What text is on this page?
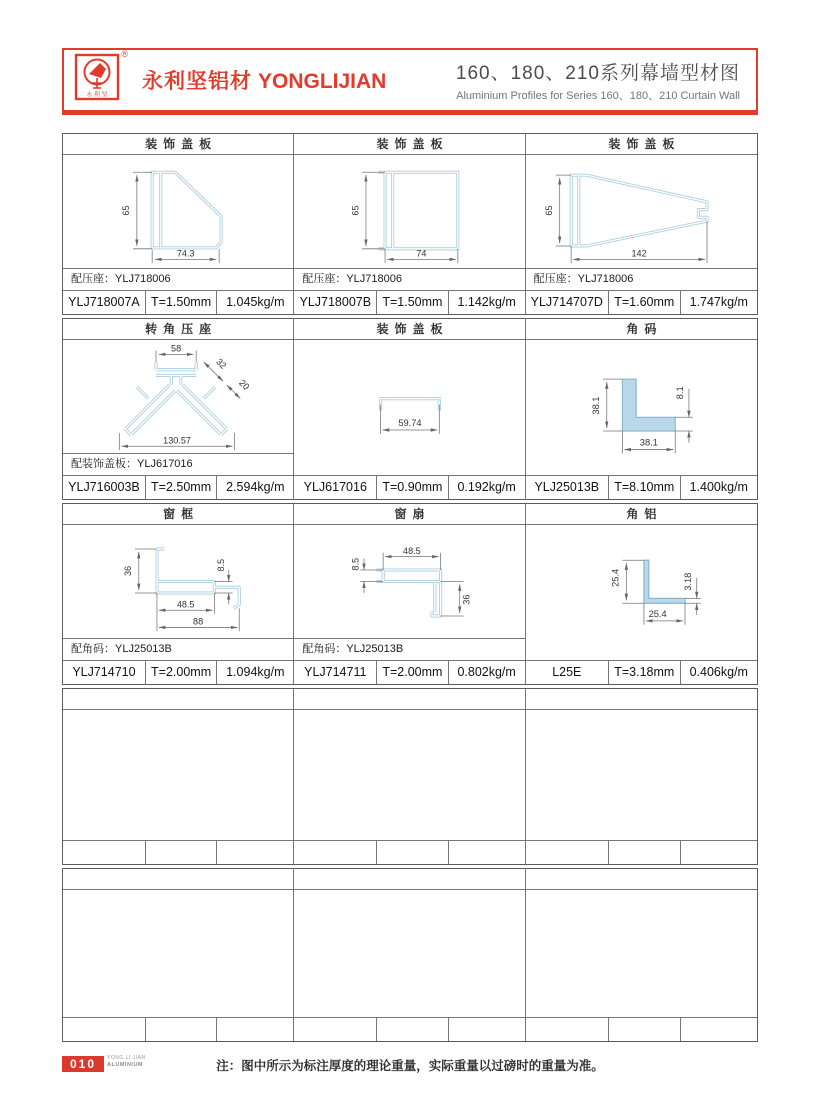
永 利 坚
®
永利坚铝材 YONGLIJIAN	160、180、210系列幕墙型材图
Aluminium Profiles for Series 160、180、210 Curtain Wall
装饰盖板
65
74.3
配压座：YLJ718006
YLJ718007A T=1.50mm	1.045kg/m
装饰盖板
65
74
配压座：YLJ718006
YLJ718007B T=1.50mm	1.142kg/m
装饰盖板
65
142
配压座：YLJ718006
YLJ714707D T=1.60mm	1.747kg/m
转角压座
58
32
20
130.57
配装饰盖板：YLJ617016
YLJ716003B T=2.50mm	2.594kg/m
装饰盖板
59.74
YLJ617016	T=0.90mm	0.192kg/m
角码
38.1
8.1
38.1
YLJ25013B	T=8.10mm	1.400kg/m
窗框
36	8.5
48.5
88
配角码：YLJ25013B
YLJ714710	T=2.00mm	1.094kg/m
窗扇
48.5
8.5
36
配角码：YLJ25013B
YLJ714711	T=2.00mm	0.802kg/m
角铝
25.4	3.18
25.4
L25E	T=3.18mm	0.406kg/m
010	YONG LI JIAN
ALUMINIUM	注：图中所示为标注厚度的理论重量，实际重量以过磅时的重量为准。
